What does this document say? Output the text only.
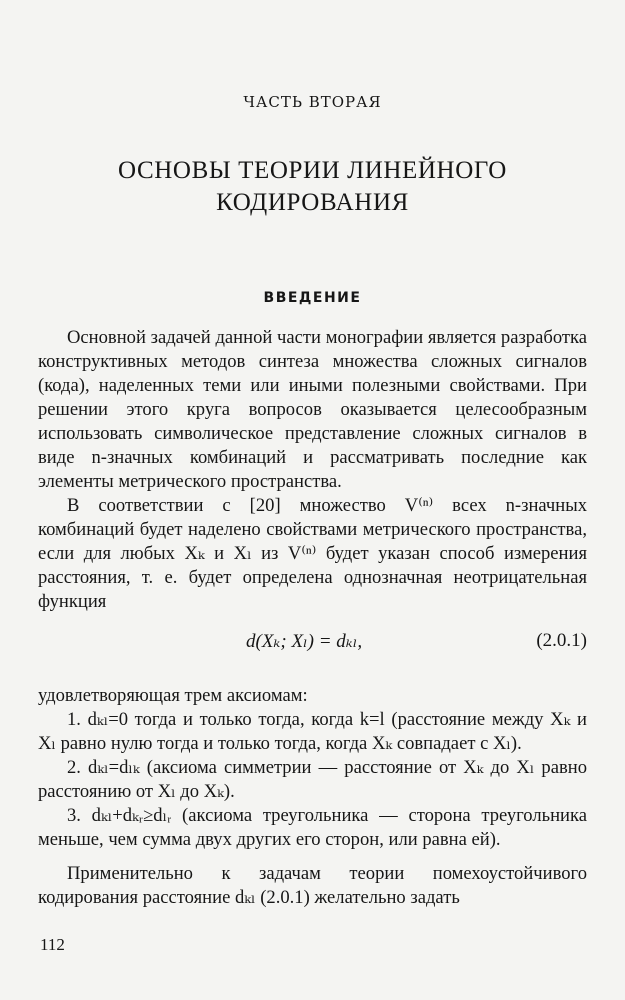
ЧАСТЬ ВТОРАЯ
ОСНОВЫ ТЕОРИИ ЛИНЕЙНОГО
КОДИРОВАНИЯ
ВВЕДЕНИЕ

Основной задачей данной части монографии является разработка конструктивных методов синтеза множества сложных сигналов (кода), наделенных теми или иными полезными свойствами. При решении этого круга вопросов оказывается целесообразным использовать символическое представление сложных сигналов в виде n-значных комбинаций и рассматривать последние как элементы метрического пространства.

В соответствии с [20] множество V⁽ⁿ⁾ всех n-значных комбинаций будет наделено свойствами метрического пространства, если для любых Xₖ и Xₗ из V⁽ⁿ⁾ будет указан способ измерения расстояния, т. е. будет определена однозначная неотрицательная функция

d(Xₖ; Xₗ) = dₖₗ,	(2.0.1)

удовлетворяющая трем аксиомам:

1. dₖₗ=0 тогда и только тогда, когда k=l (расстояние между Xₖ и Xₗ равно нулю тогда и только тогда, когда Xₖ совпадает с Xₗ).

2. dₖₗ=dₗₖ (аксиома симметрии — расстояние от Xₖ до Xₗ равно расстоянию от Xₗ до Xₖ).

3. dₖₗ+dₖᵣ≥dₗᵣ (аксиома треугольника — сторона треугольника меньше, чем сумма двух других его сторон, или равна ей).

Применительно к задачам теории помехоустойчивого кодирования расстояние dₖₗ (2.0.1) желательно задать

112
